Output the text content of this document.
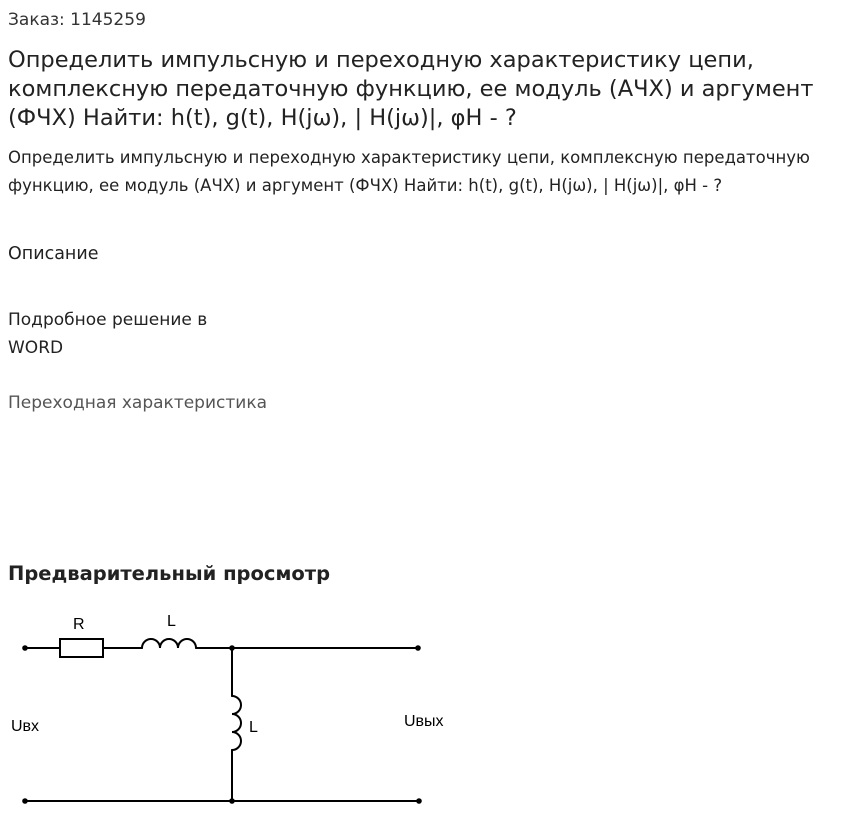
Заказ: 1145259
Определить импульсную и переходную характеристику цепи, комплексную передаточную функцию, ее модуль (АЧХ) и аргумент (ФЧХ) Найти: h(t), g(t), H(jω), | H(jω)|, φH - ?
Определить импульсную и переходную характеристику цепи, комплексную передаточную функцию, ее модуль (АЧХ) и аргумент (ФЧХ) Найти: h(t), g(t), H(jω), | H(jω)|, φH - ?
Описание
Подробное решение в WORD
Переходная характеристика
Предварительный просмотр
R	L
L
Uвх	Uвых
